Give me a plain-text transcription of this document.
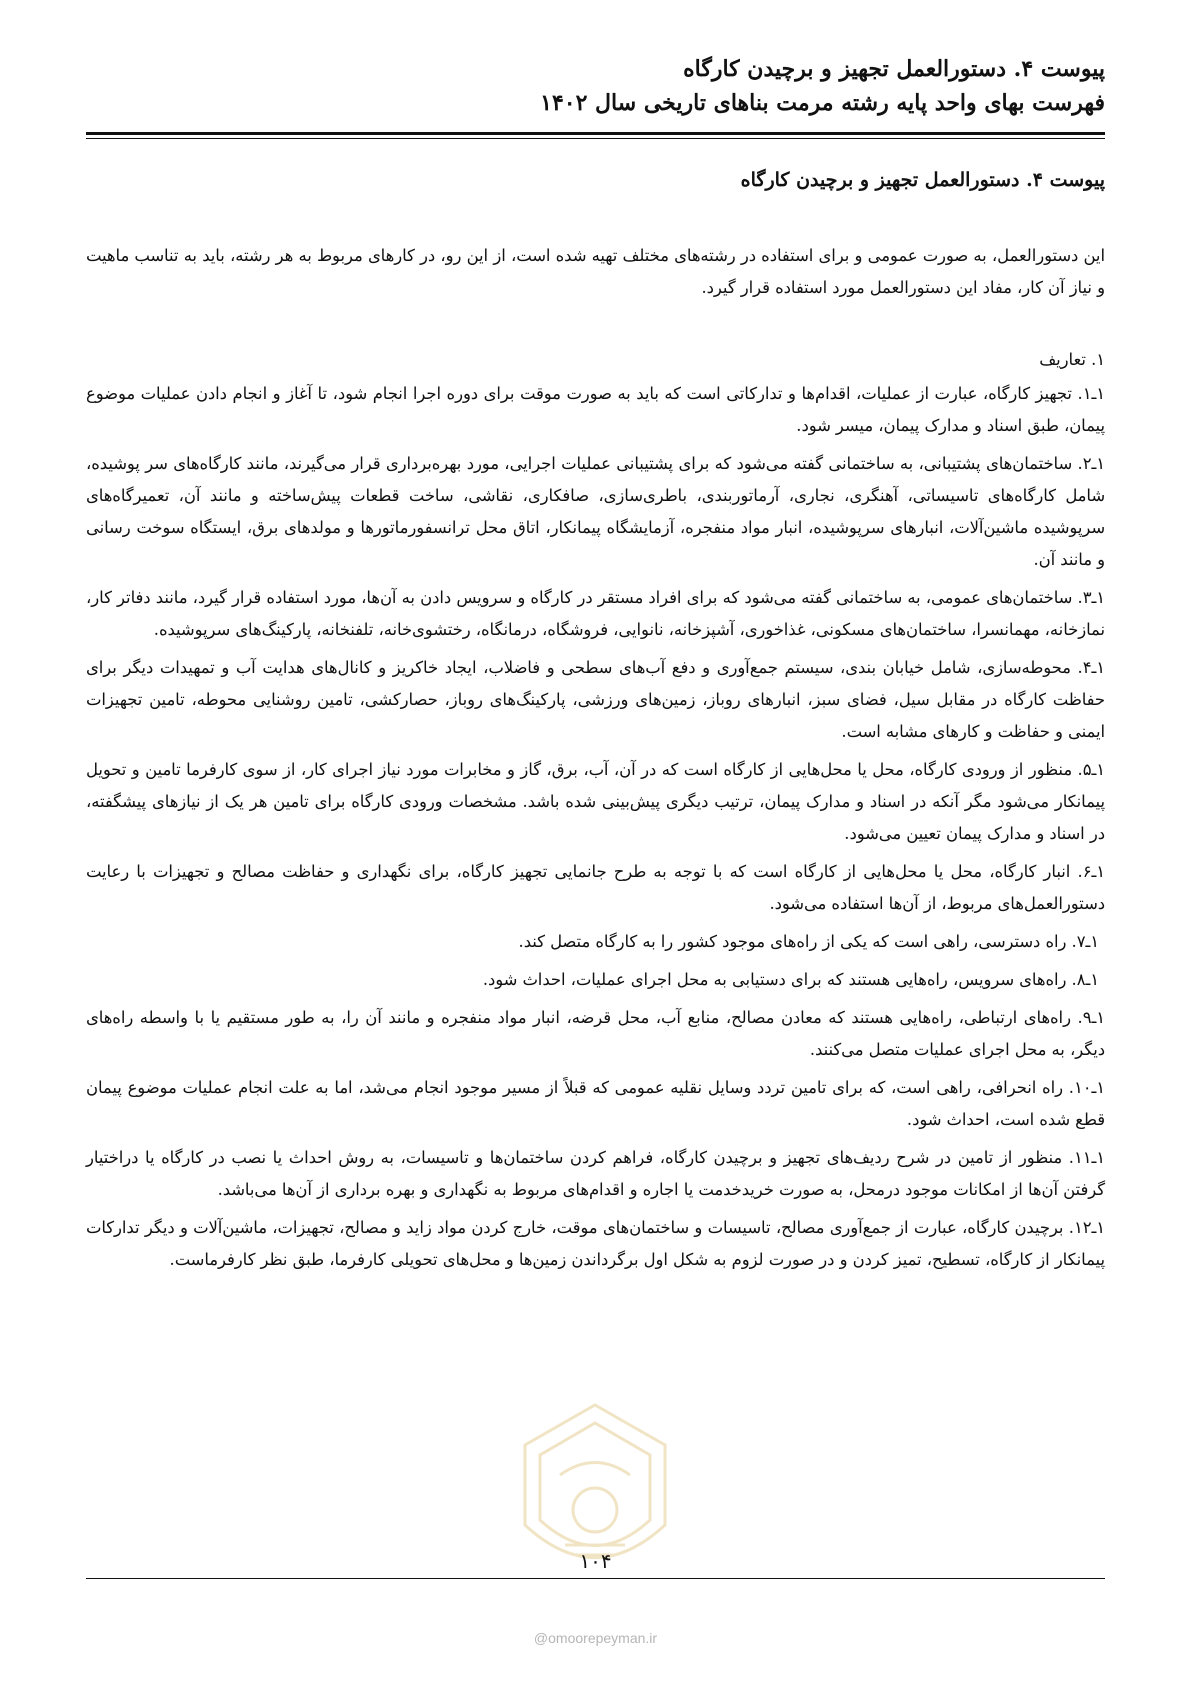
پیوست ۴. دستورالعمل تجهیز و برچیدن کارگاه
فهرست بهای واحد پایه رشته مرمت بناهای تاریخی سال ۱۴۰۲
پیوست ۴. دستورالعمل تجهیز و برچیدن کارگاه

این دستورالعمل، به صورت عمومی و برای استفاده در رشته‌های مختلف تهیه شده است، از این رو، در کارهای مربوط به هر رشته، باید به تناسب ماهیت و نیاز آن کار، مفاد این دستورالعمل مورد استفاده قرار گیرد.

۱. تعاریف

۱ـ۱. تجهیز کارگاه، عبارت از عملیات، اقدام‌ها و تدارکاتی است که باید به صورت موقت برای دوره اجرا انجام شود، تا آغاز و انجام دادن عملیات موضوع پیمان، طبق اسناد و مدارک پیمان، میسر شود.

۱ـ۲. ساختمان‌های پشتیبانی، به ساختمانی گفته می‌شود که برای پشتیبانی عملیات اجرایی، مورد بهره‌برداری قرار می‌گیرند، مانند کارگاه‌های سر پوشیده، شامل کارگاه‌های تاسیساتی، آهنگری، نجاری، آرماتوربندی، باطری‌سازی، صافکاری، نقاشی، ساخت قطعات پیش‌ساخته و مانند آن، تعمیرگاه‌های سرپوشیده ماشین‌آلات، انبارهای سرپوشیده، انبار مواد منفجره، آزمایشگاه پیمانکار، اتاق محل ترانسفورماتورها و مولدهای برق، ایستگاه سوخت رسانی و مانند آن.

۱ـ۳. ساختمان‌های عمومی، به ساختمانی گفته می‌شود که برای افراد مستقر در کارگاه و سرویس دادن به آن‌ها، مورد استفاده قرار گیرد، مانند دفاتر کار، نمازخانه، مهمانسرا، ساختمان‌های مسکونی، غذاخوری، آشپزخانه، نانوایی، فروشگاه، درمانگاه، رختشوی‌خانه، تلفنخانه، پارکینگ‌های سرپوشیده.

۱ـ۴. محوطه‌سازی، شامل خیابان بندی، سیستم جمع‌آوری و دفع آب‌های سطحی و فاضلاب، ایجاد خاکریز و کانال‌های هدایت آب و تمهیدات دیگر برای حفاظت کارگاه در مقابل سیل، فضای سبز، انبارهای روباز، زمین‌های ورزشی، پارکینگ‌های روباز، حصارکشی، تامین روشنایی محوطه، تامین تجهیزات ایمنی و حفاظت و کارهای مشابه است.

۱ـ۵. منظور از ورودی کارگاه، محل یا محل‌هایی از کارگاه است که در آن، آب، برق، گاز و مخابرات مورد نیاز اجرای کار، از سوی کارفرما تامین و تحویل پیمانکار می‌شود مگر آنکه در اسناد و مدارک پیمان، ترتیب دیگری پیش‌بینی شده باشد. مشخصات ورودی کارگاه برای تامین هر یک از نیازهای پیشگفته، در اسناد و مدارک پیمان تعیین می‌شود.

۱ـ۶. انبار کارگاه، محل یا محل‌هایی از کارگاه است که با توجه به طرح جانمایی تجهیز کارگاه، برای نگهداری و حفاظت مصالح و تجهیزات با رعایت دستورالعمل‌های مربوط، از آن‌ها استفاده می‌شود.

۱ـ۷. راه دسترسی، راهی است که یکی از راه‌های موجود کشور را به کارگاه متصل کند.

۱ـ۸. راه‌های سرویس، راه‌هایی هستند که برای دستیابی به محل اجرای عملیات، احداث شود.

۱ـ۹. راه‌های ارتباطی، راه‌هایی هستند که معادن مصالح، منابع آب، محل قرضه، انبار مواد منفجره و مانند آن را، به طور مستقیم یا با واسطه راه‌های دیگر، به محل اجرای عملیات متصل می‌کنند.

۱ـ۱۰. راه انحرافی، راهی است، که برای تامین تردد وسایل نقلیه عمومی که قبلاً از مسیر موجود انجام می‌شد، اما به علت انجام عملیات موضوع پیمان قطع شده است، احداث شود.

۱ـ۱۱. منظور از تامین در شرح ردیف‌های تجهیز و برچیدن کارگاه، فراهم کردن ساختمان‌ها و تاسیسات، به روش احداث یا نصب در کارگاه یا دراختیار گرفتن آن‌ها از امکانات موجود درمحل، به صورت خریدخدمت یا اجاره و اقدام‌های مربوط به نگهداری و بهره برداری از آن‌ها می‌باشد.

۱ـ۱۲. برچیدن کارگاه، عبارت از جمع‌آوری مصالح، تاسیسات و ساختمان‌های موقت، خارج کردن مواد زاید و مصالح، تجهیزات، ماشین‌آلات و دیگر تدارکات پیمانکار از کارگاه، تسطیح، تمیز کردن و در صورت لزوم به شکل اول برگرداندن زمین‌ها و محل‌های تحویلی کارفرما، طبق نظر کارفرماست.

۱۰۴
@omoorepeyman.ir
